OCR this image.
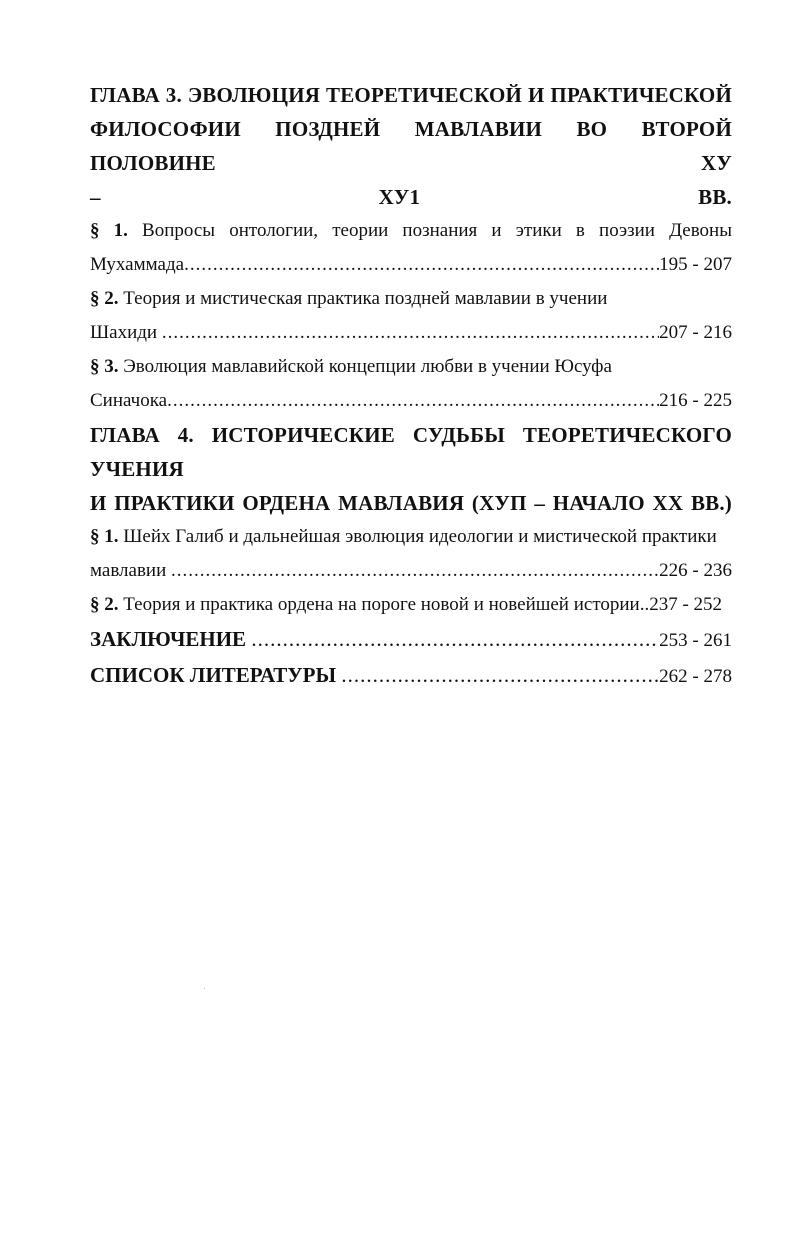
ГЛАВА 3. ЭВОЛЮЦИЯ ТЕОРЕТИЧЕСКОЙ И ПРАКТИЧЕСКОЙ
ФИЛОСОФИИ ПОЗДНЕЙ МАВЛАВИИ ВО ВТОРОЙ ПОЛОВИНЕ ХУ
– ХУ1 ВВ.
§ 1. Вопросы онтологии, теории познания и этики в поэзии Девоны
Мухаммада .....	195 - 207
§ 2. Теория и мистическая практика поздней мавлавии в учении
Шахиди .....	207 - 216
§ 3. Эволюция мавлавийской концепции любви в учении Юсуфа
Синачока .....	216 - 225
ГЛАВА 4. ИСТОРИЧЕСКИЕ СУДЬБЫ ТЕОРЕТИЧЕСКОГО УЧЕНИЯ
И ПРАКТИКИ ОРДЕНА МАВЛАВИЯ (ХУП – НАЧАЛО ХХ ВВ.)
§ 1. Шейх Галиб и дальнейшая эволюция идеологии и мистической практики
мавлавии .....	226 - 236
§ 2. Теория и практика ордена на пороге новой и новейшей истории.. 237 - 252
ЗАКЛЮЧЕНИЕ .....	253 - 261
СПИСОК ЛИТЕРАТУРЫ .....	262 - 278
